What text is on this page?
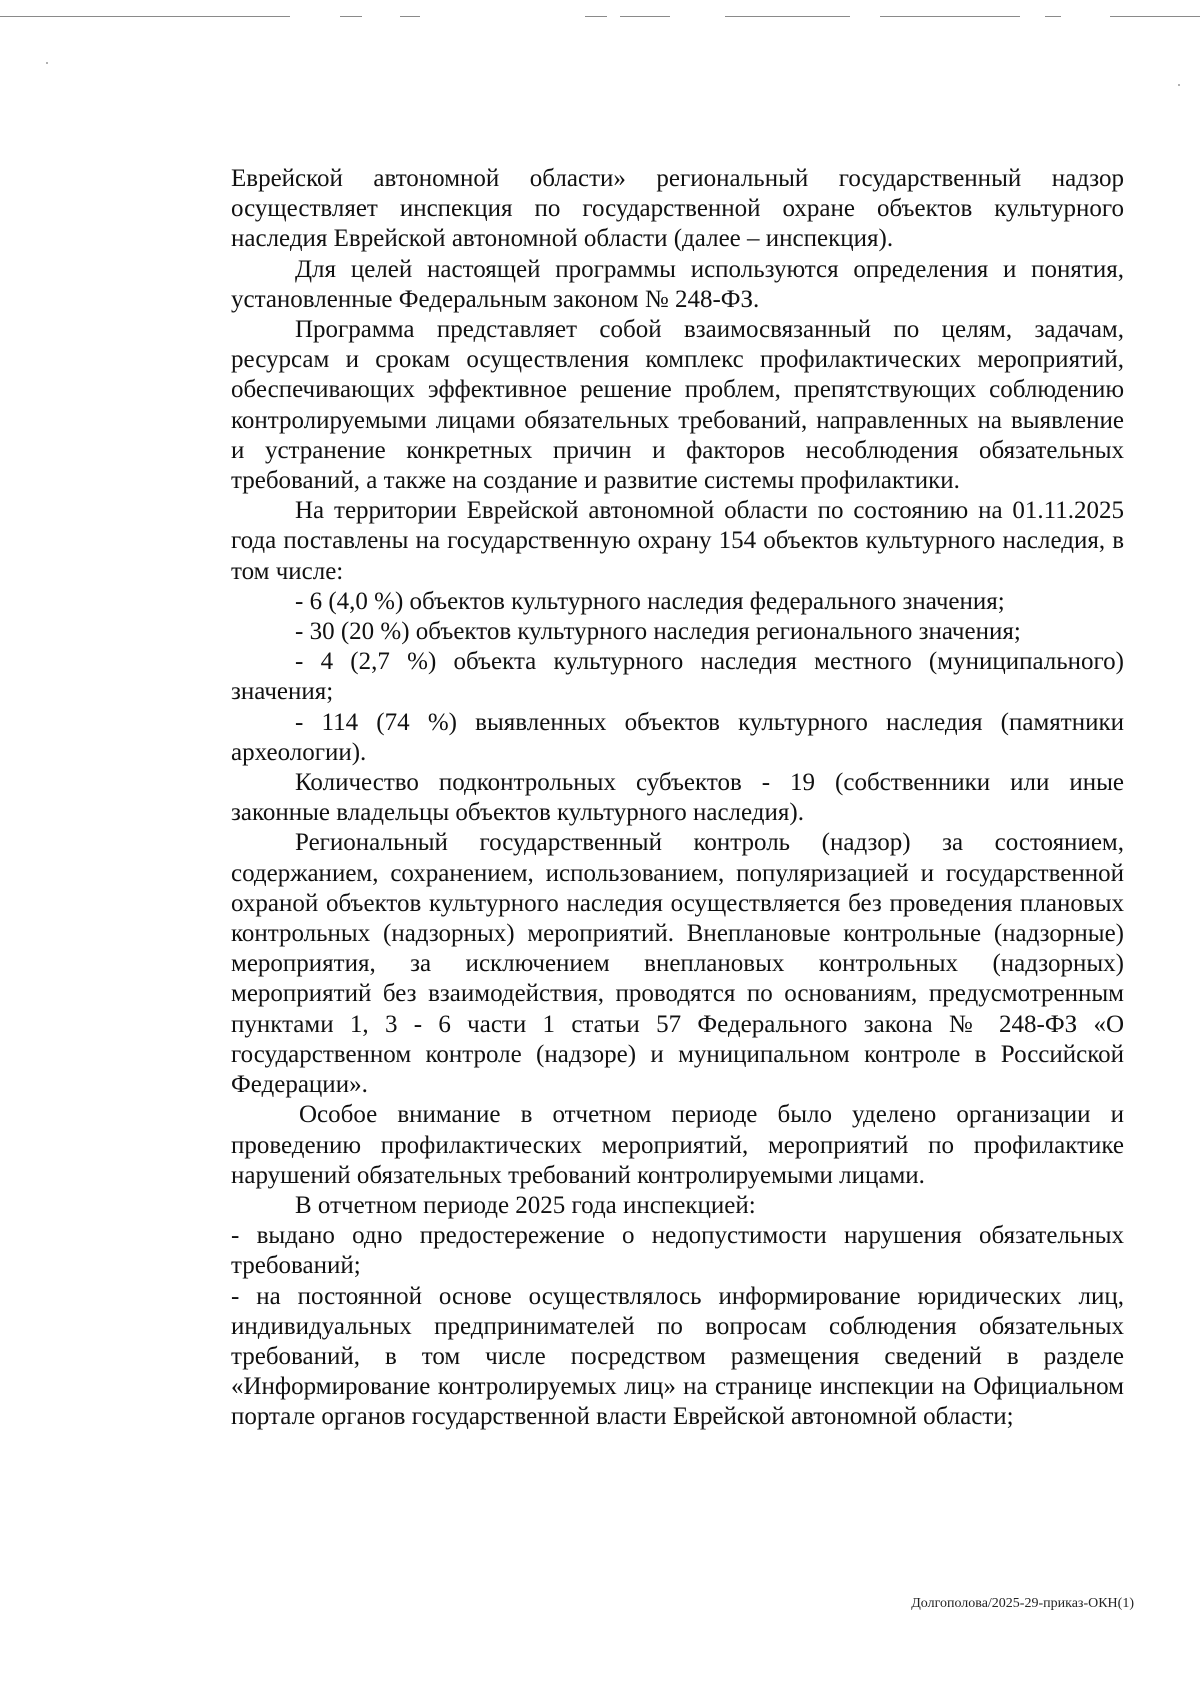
Еврейской автономной области» региональный государственный надзор осуществляет инспекция по государственной охране объектов культурного наследия Еврейской автономной области (далее – инспекция).

Для целей настоящей программы используются определения и понятия, установленные Федеральным законом № 248-ФЗ.

Программа представляет собой взаимосвязанный по целям, задачам, ресурсам и срокам осуществления комплекс профилактических мероприятий, обеспечивающих эффективное решение проблем, препятствующих соблюдению контролируемыми лицами обязательных требований, направленных на выявление и устранение конкретных причин и факторов несоблюдения обязательных требований, а также на создание и развитие системы профилактики.

На территории Еврейской автономной области по состоянию на 01.11.2025 года поставлены на государственную охрану 154 объектов культурного наследия, в том числе:

- 6 (4,0 %) объектов культурного наследия федерального значения;

- 30 (20 %) объектов культурного наследия регионального значения;

- 4 (2,7 %) объекта культурного наследия местного (муниципального) значения;

- 114 (74 %) выявленных объектов культурного наследия (памятники археологии).

Количество подконтрольных субъектов - 19 (собственники или иные законные владельцы объектов культурного наследия).

Региональный государственный контроль (надзор) за состоянием, содержанием, сохранением, использованием, популяризацией и государственной охраной объектов культурного наследия осуществляется без проведения плановых контрольных (надзорных) мероприятий. Внеплановые контрольные (надзорные) мероприятия, за исключением внеплановых контрольных (надзорных) мероприятий без взаимодействия, проводятся по основаниям, предусмотренным пунктами 1, 3 - 6 части 1 статьи 57 Федерального закона № 248-ФЗ «О государственном контроле (надзоре) и муниципальном контроле в Российской Федерации».

Особое внимание в отчетном периоде было уделено организации и проведению профилактических мероприятий, мероприятий по профилактике нарушений обязательных требований контролируемыми лицами.

В отчетном периоде 2025 года инспекцией:

- выдано одно предостережение о недопустимости нарушения обязательных требований;

- на постоянной основе осуществлялось информирование юридических лиц, индивидуальных предпринимателей по вопросам соблюдения обязательных требований, в том числе посредством размещения сведений в разделе «Информирование контролируемых лиц» на странице инспекции на Официальном портале органов государственной власти Еврейской автономной области;

Долгополова/2025-29-приказ-ОКН(1)
